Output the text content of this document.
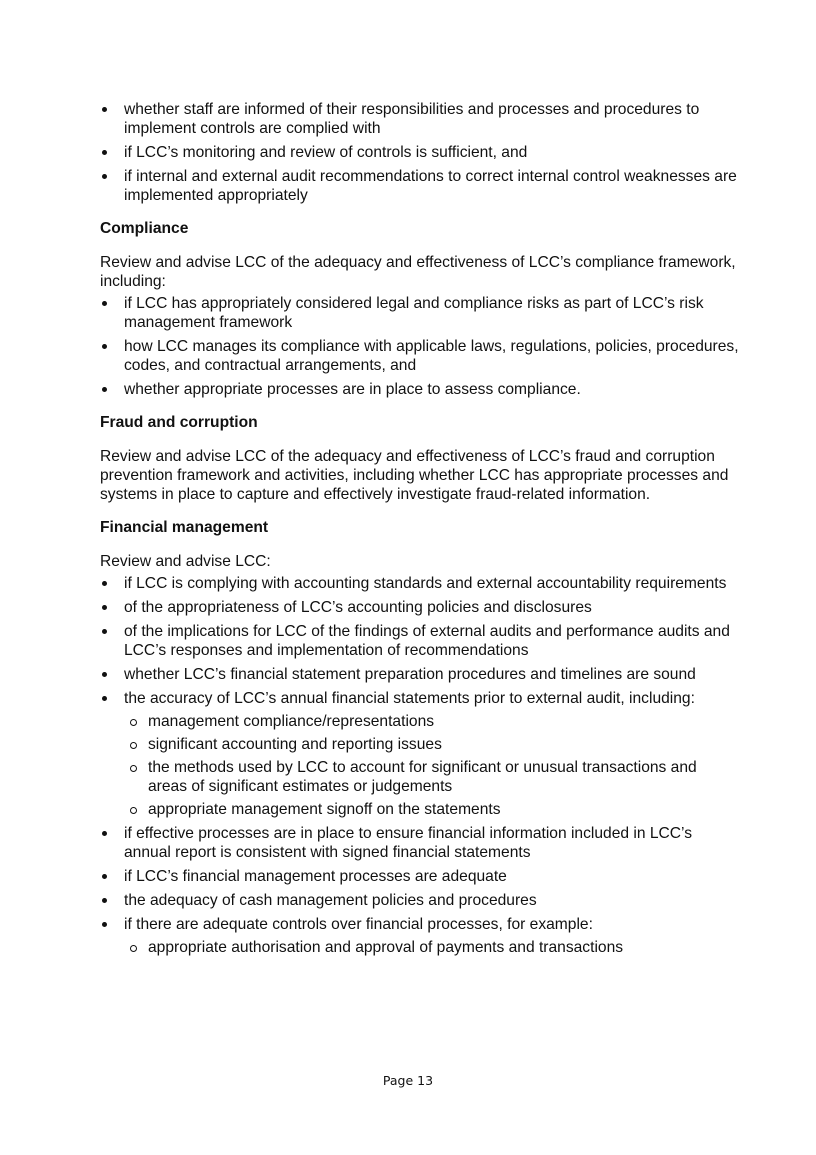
whether staff are informed of their responsibilities and processes and procedures to implement controls are complied with
if LCC’s monitoring and review of controls is sufficient, and
if internal and external audit recommendations to correct internal control weaknesses are implemented appropriately
Compliance

Review and advise LCC of the adequacy and effectiveness of LCC’s compliance framework, including:

if LCC has appropriately considered legal and compliance risks as part of LCC’s risk management framework
how LCC manages its compliance with applicable laws, regulations, policies, procedures, codes, and contractual arrangements, and
whether appropriate processes are in place to assess compliance.
Fraud and corruption

Review and advise LCC of the adequacy and effectiveness of LCC’s fraud and corruption prevention framework and activities, including whether LCC has appropriate processes and systems in place to capture and effectively investigate fraud-related information.

Financial management

Review and advise LCC:

if LCC is complying with accounting standards and external accountability requirements
of the appropriateness of LCC’s accounting policies and disclosures
of the implications for LCC of the findings of external audits and performance audits and LCC’s responses and implementation of recommendations
whether LCC’s financial statement preparation procedures and timelines are sound
the accuracy of LCC’s annual financial statements prior to external audit, including:
management compliance/representations
significant accounting and reporting issues
the methods used by LCC to account for significant or unusual transactions and areas of significant estimates or judgements
appropriate management signoff on the statements
if effective processes are in place to ensure financial information included in LCC’s annual report is consistent with signed financial statements
if LCC’s financial management processes are adequate
the adequacy of cash management policies and procedures
if there are adequate controls over financial processes, for example:
appropriate authorisation and approval of payments and transactions
Page 13
